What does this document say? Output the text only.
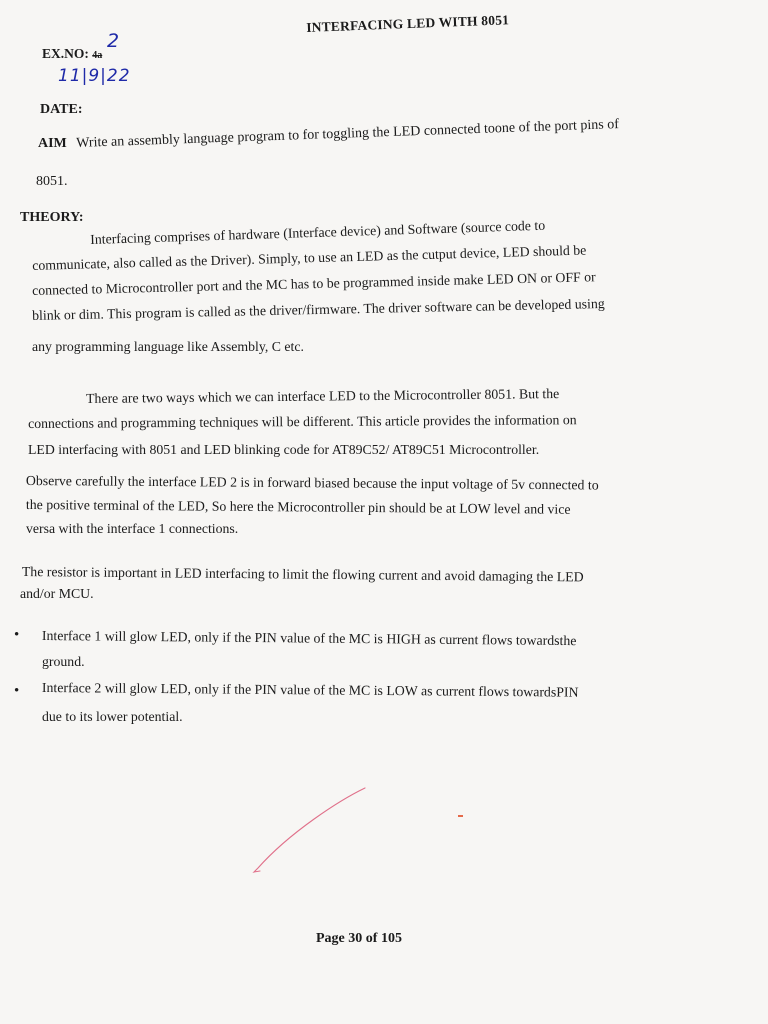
INTERFACING LED WITH 8051
EX.NO: 4a
2
11|9|22
DATE:
AIM Write an assembly language program to for toggling the LED connected toone of the port pins of
8051.
THEORY:
Interfacing comprises of hardware (Interface device) and Software (source code to
communicate, also called as the Driver). Simply, to use an LED as the cutput device, LED should be
connected to Microcontroller port and the MC has to be programmed inside make LED ON or OFF or
blink or dim. This program is called as the driver/firmware. The driver software can be developed using
any programming language like Assembly, C etc.
There are two ways which we can interface LED to the Microcontroller 8051. But the
connections and programming techniques will be different. This article provides the information on
LED interfacing with 8051 and LED blinking code for AT89C52/ AT89C51 Microcontroller.
Observe carefully the interface LED 2 is in forward biased because the input voltage of 5v connected to
the positive terminal of the LED, So here the Microcontroller pin should be at LOW level and vice
versa with the interface 1 connections.
The resistor is important in LED interfacing to limit the flowing current and avoid damaging the LED
and/or MCU.
• Interface 1 will glow LED, only if the PIN value of the MC is HIGH as current flows towardsthe
ground.
• Interface 2 will glow LED, only if the PIN value of the MC is LOW as current flows towardsPIN
due to its lower potential.
Page 30 of 105
